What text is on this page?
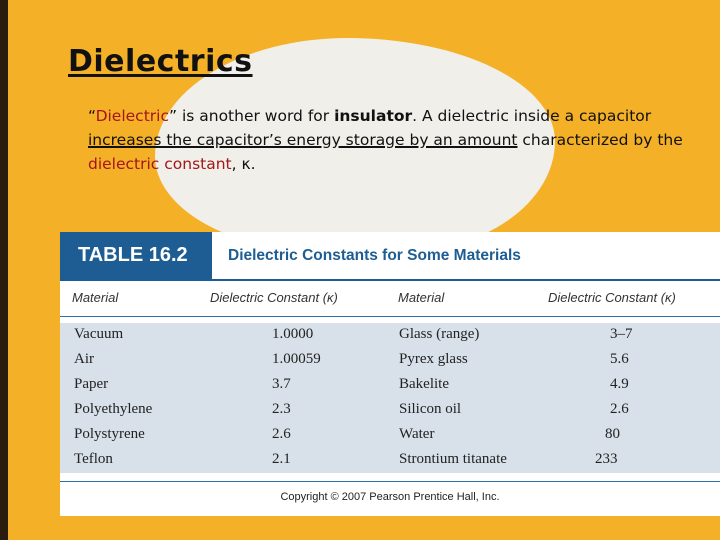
Dielectrics
“Dielectric” is another word for insulator. A dielectric inside a capacitor increases the capacitor’s energy storage by an amount characterized by the dielectric constant, κ.
TABLE 16.2	Dielectric Constants for Some Materials
Material	Dielectric Constant (κ)	Material	Dielectric Constant (κ)
Vacuum	1.0000	Glass (range)	3–7
Air	1.00059	Pyrex glass	5.6
Paper	3.7	Bakelite	4.9
Polyethylene	2.3	Silicon oil	2.6
Polystyrene	2.6	Water	80
Teflon	2.1	Strontium titanate	233
Copyright © 2007 Pearson Prentice Hall, Inc.
